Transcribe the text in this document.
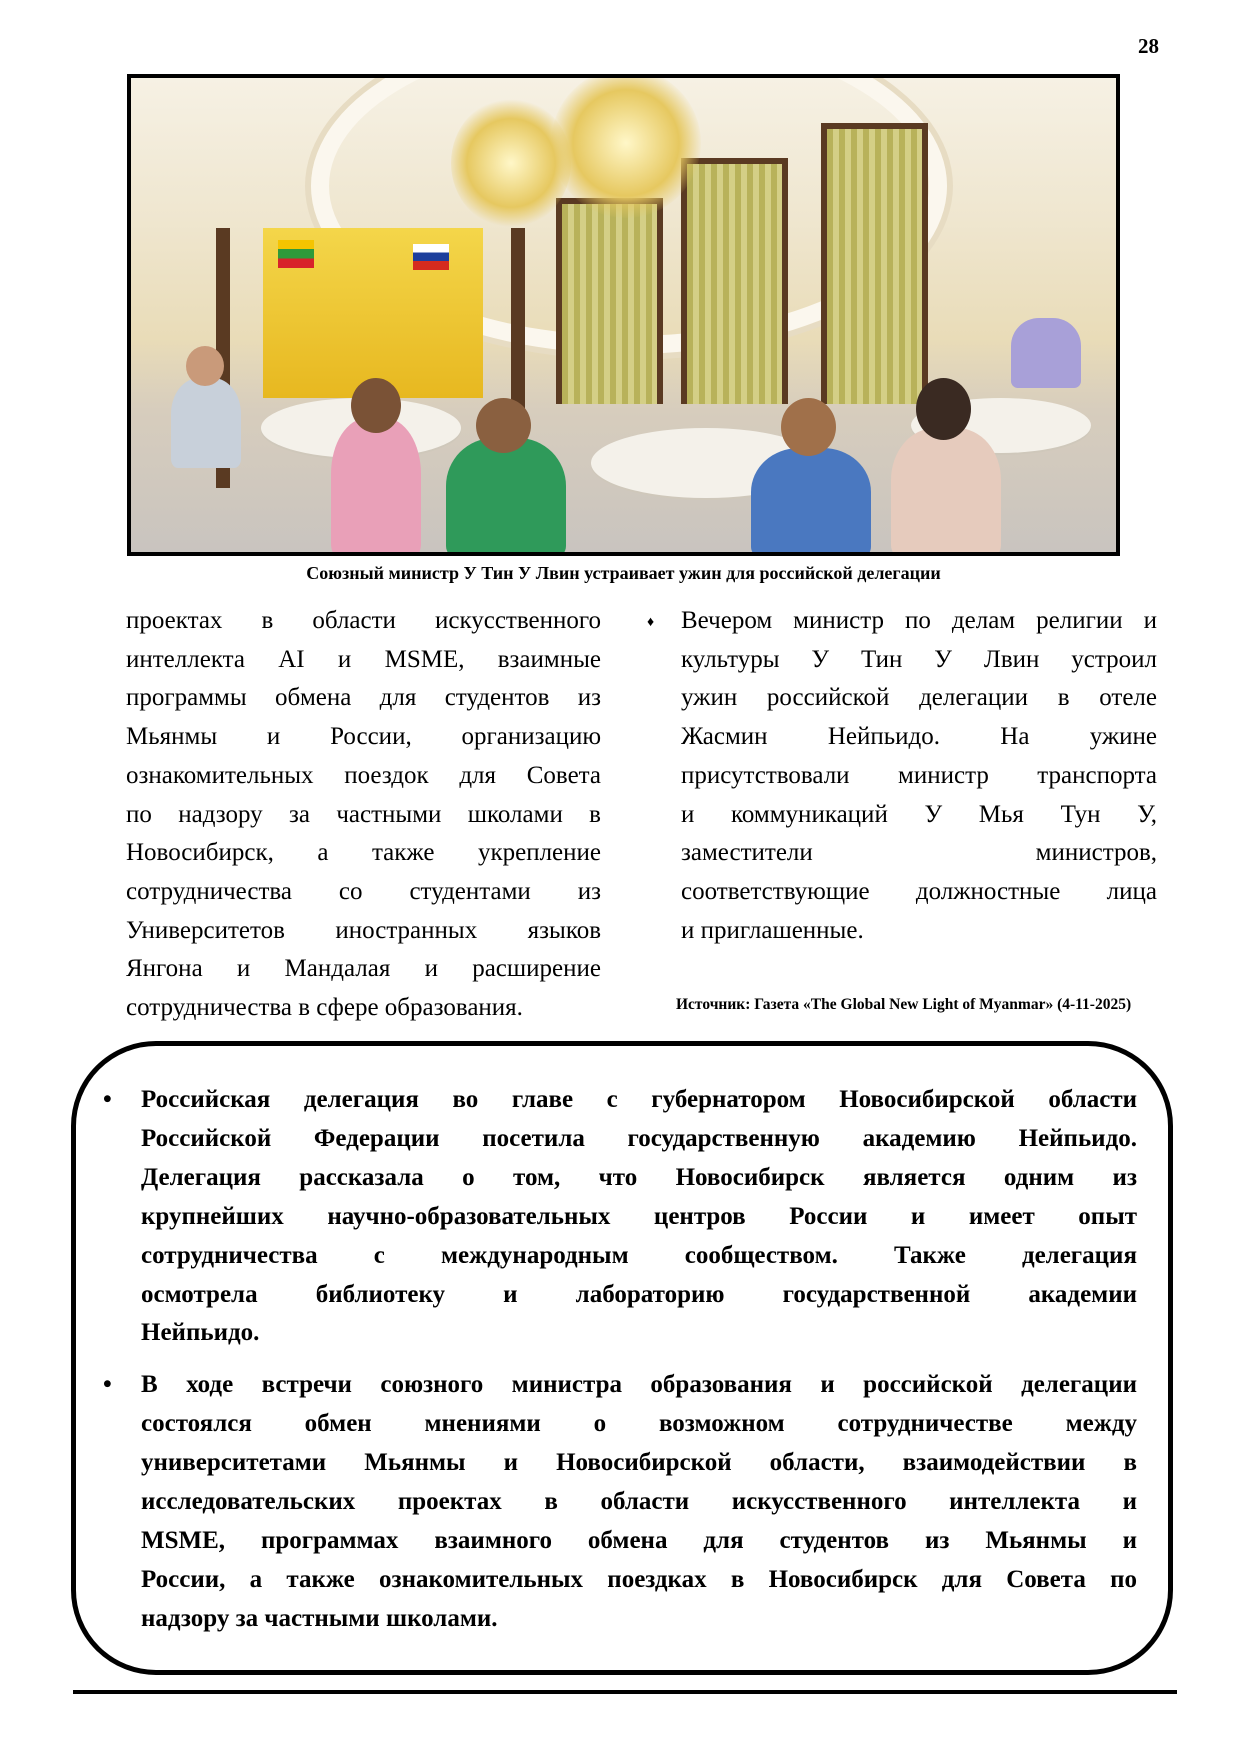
28
Союзный министр У Тин У Лвин устраивает ужин для российской делегации

проектах в области искусственного

интеллекта AI и MSME, взаимные

программы обмена для студентов из

Мьянмы и России, организацию

ознакомительных поездок для Совета

по надзору за частными школами в

Новосибирск, а также укрепление

сотрудничества со студентами из

Университетов иностранных языков

Янгона и Мандалая и расширение

сотрудничества в сфере образования.

♦ Вечером министр по делам религии и

культуры У Тин У Лвин устроил

ужин российской делегации в отеле

Жасмин Нейпьидо. На ужине

присутствовали министр транспорта

и коммуникаций У Мья Тун У,

заместители министров,

соответствующие должностные лица

и приглашенные.

Источник: Газета «The Global New Light of Myanmar» (4-11-2025)
• Российская делегация во главе с губернатором Новосибирской области
Российской Федерации посетила государственную академию Нейпьидо.
Делегация рассказала о том, что Новосибирск является одним из
крупнейших научно-образовательных центров России и имеет опыт
сотрудничества с международным сообществом. Также делегация
осмотрела библиотеку и лабораторию государственной академии
Нейпьидо.
• В ходе встречи союзного министра образования и российской делегации
состоялся обмен мнениями о возможном сотрудничестве между
университетами Мьянмы и Новосибирской области, взаимодействии в
исследовательских проектах в области искусственного интеллекта и
MSME, программах взаимного обмена для студентов из Мьянмы и
России, а также ознакомительных поездках в Новосибирск для Совета по
надзору за частными школами.
